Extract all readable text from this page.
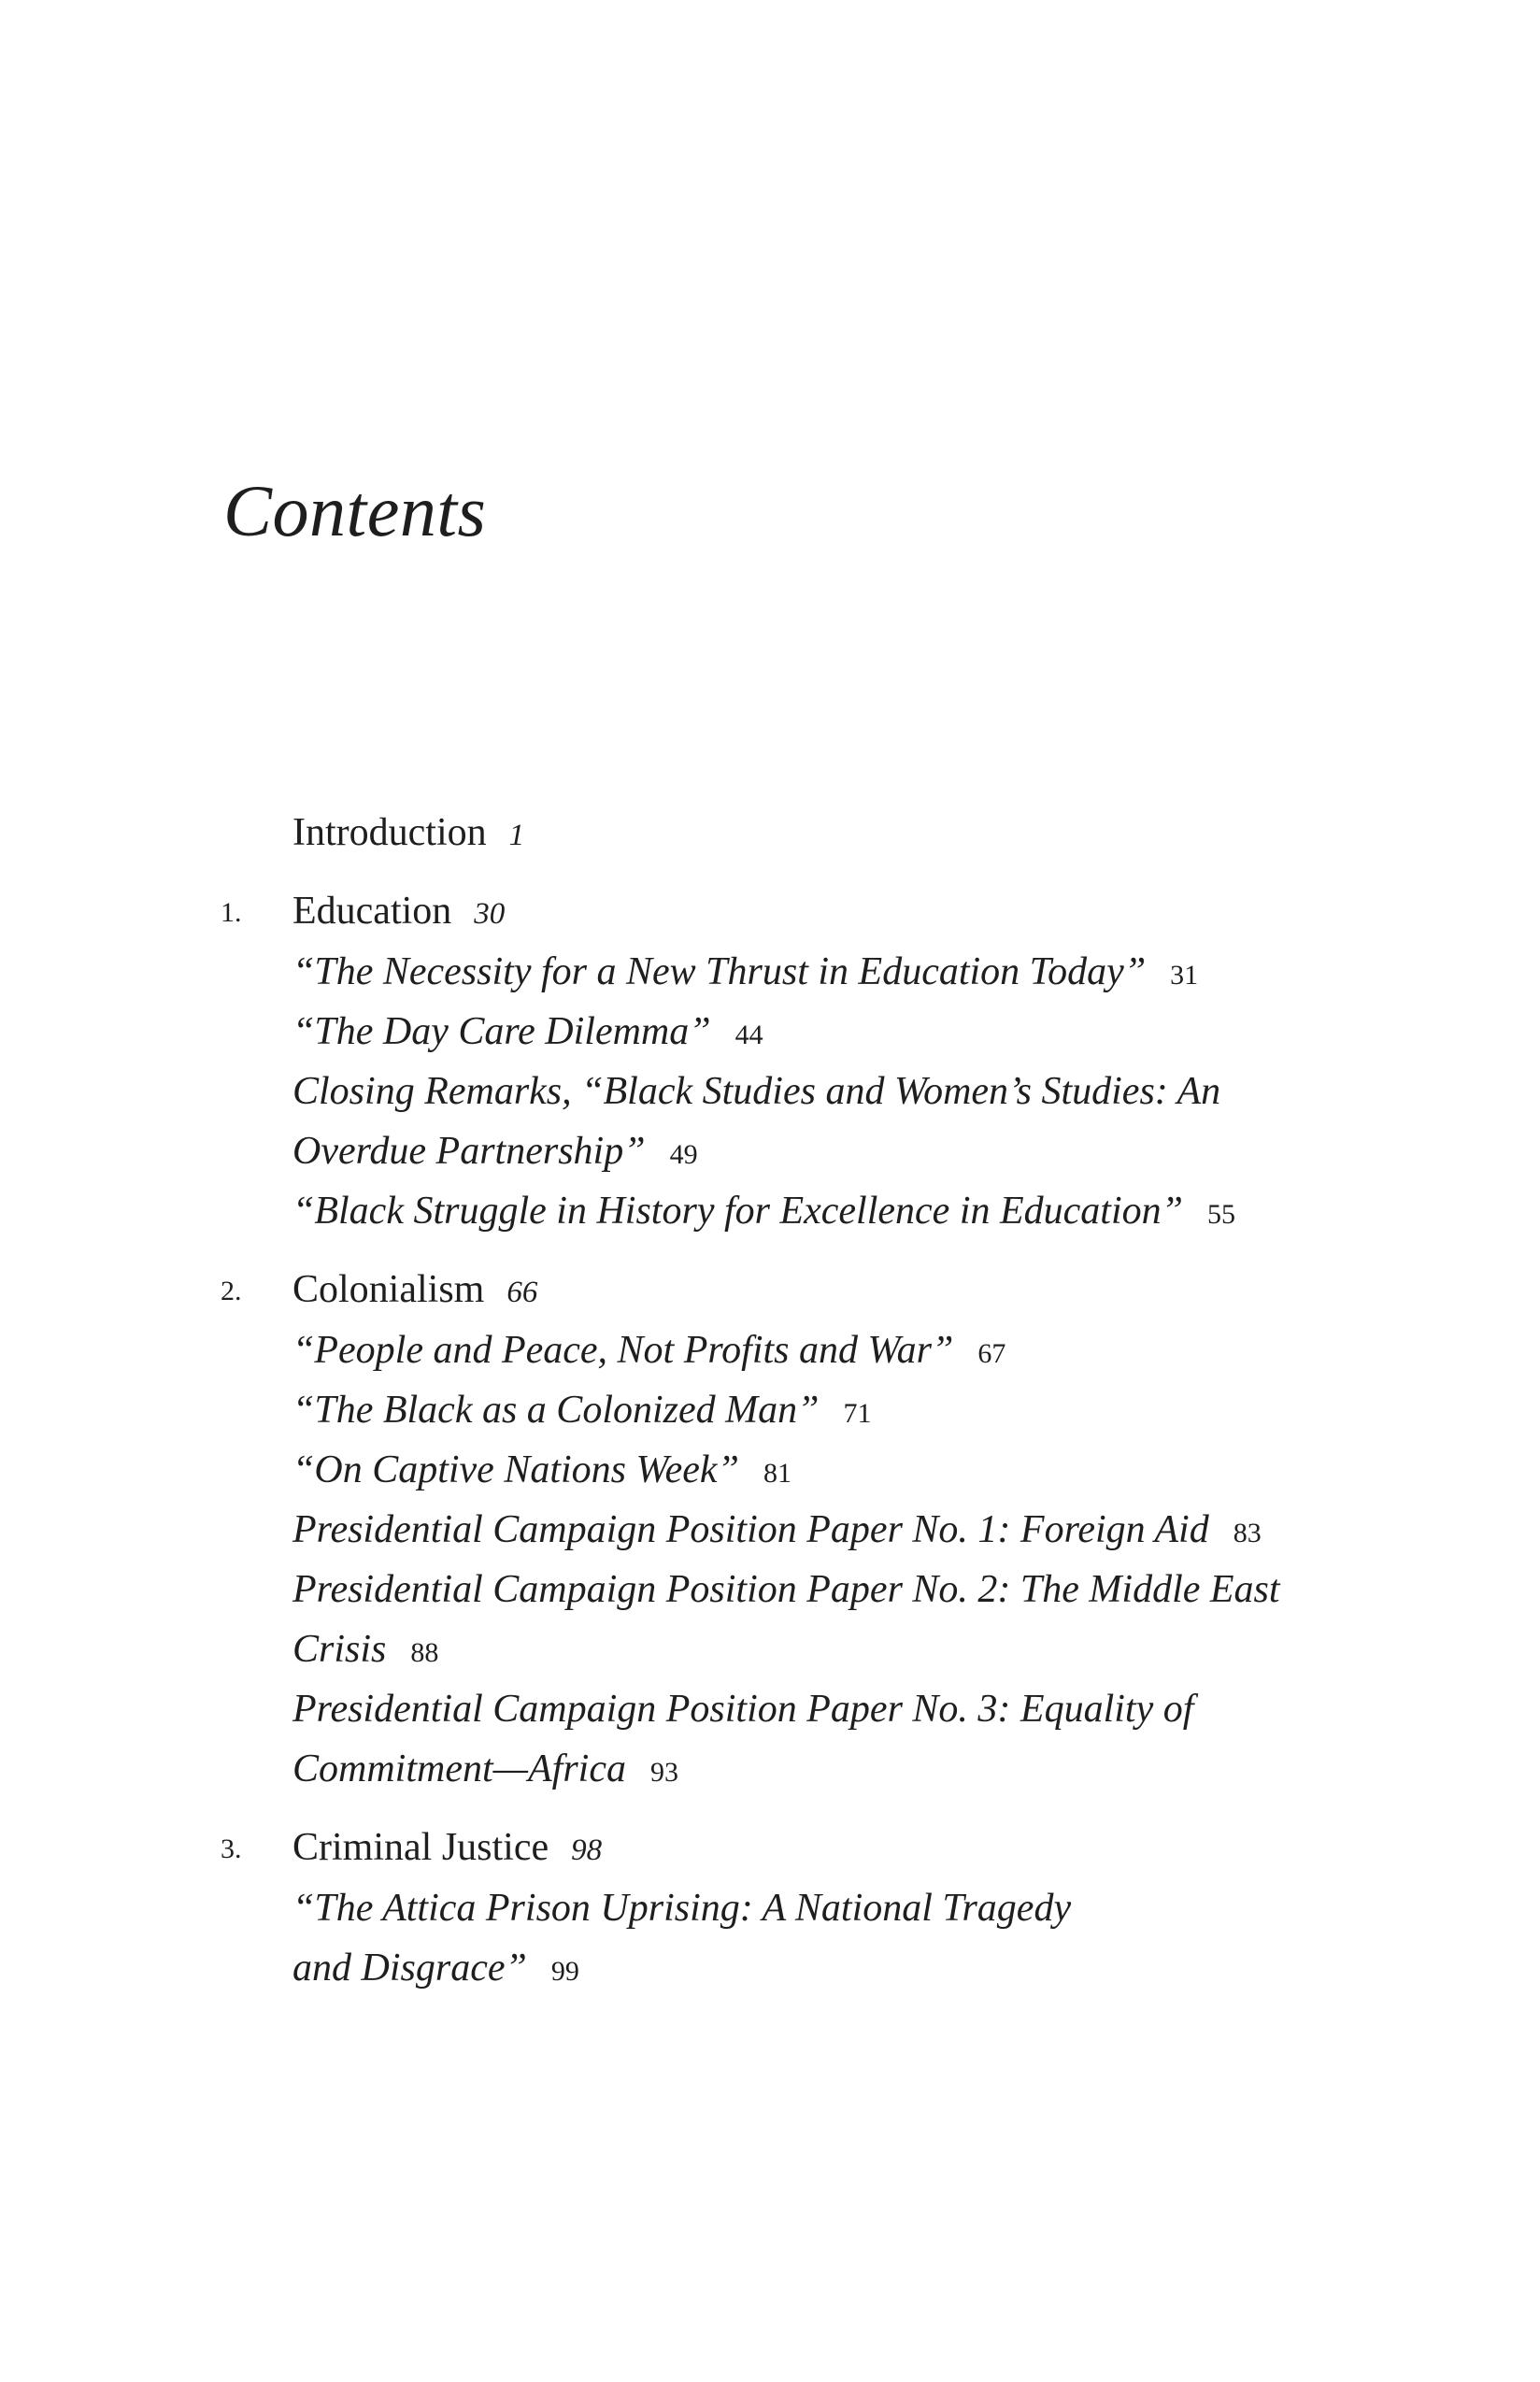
Contents
Introduction 1
1. Education 30
“The Necessity for a New Thrust in Education Today” 31
“The Day Care Dilemma” 44
Closing Remarks, “Black Studies and Women’s Studies: An
Overdue Partnership” 49
“Black Struggle in History for Excellence in Education” 55
2. Colonialism 66
“People and Peace, Not Profits and War” 67
“The Black as a Colonized Man” 71
“On Captive Nations Week” 81
Presidential Campaign Position Paper No. 1: Foreign Aid 83
Presidential Campaign Position Paper No. 2: The Middle East
Crisis 88
Presidential Campaign Position Paper No. 3: Equality of
Commitment—Africa 93
3. Criminal Justice 98
“The Attica Prison Uprising: A National Tragedy
and Disgrace” 99
